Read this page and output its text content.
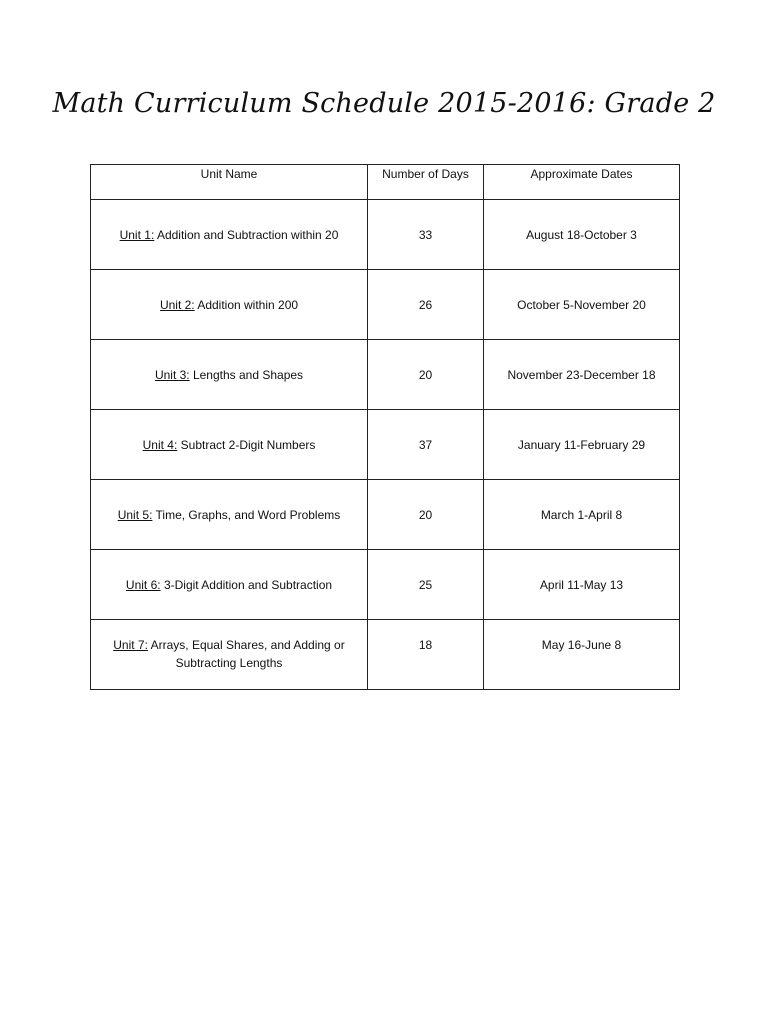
Math Curriculum Schedule 2015-2016: Grade 2
Unit Name	Number of Days	Approximate Dates

Unit 1: Addition and Subtraction within 20	33	August 18-October 3
Unit 2: Addition within 200	26	October 5-November 20
Unit 3: Lengths and Shapes	20	November 23-December 18
Unit 4: Subtract 2-Digit Numbers	37	January 11-February 29
Unit 5: Time, Graphs, and Word Problems	20	March 1-April 8
Unit 6: 3-Digit Addition and Subtraction	25	April 11-May 13
Unit 7: Arrays, Equal Shares, and Adding or Subtracting Lengths	18	May 16-June 8
